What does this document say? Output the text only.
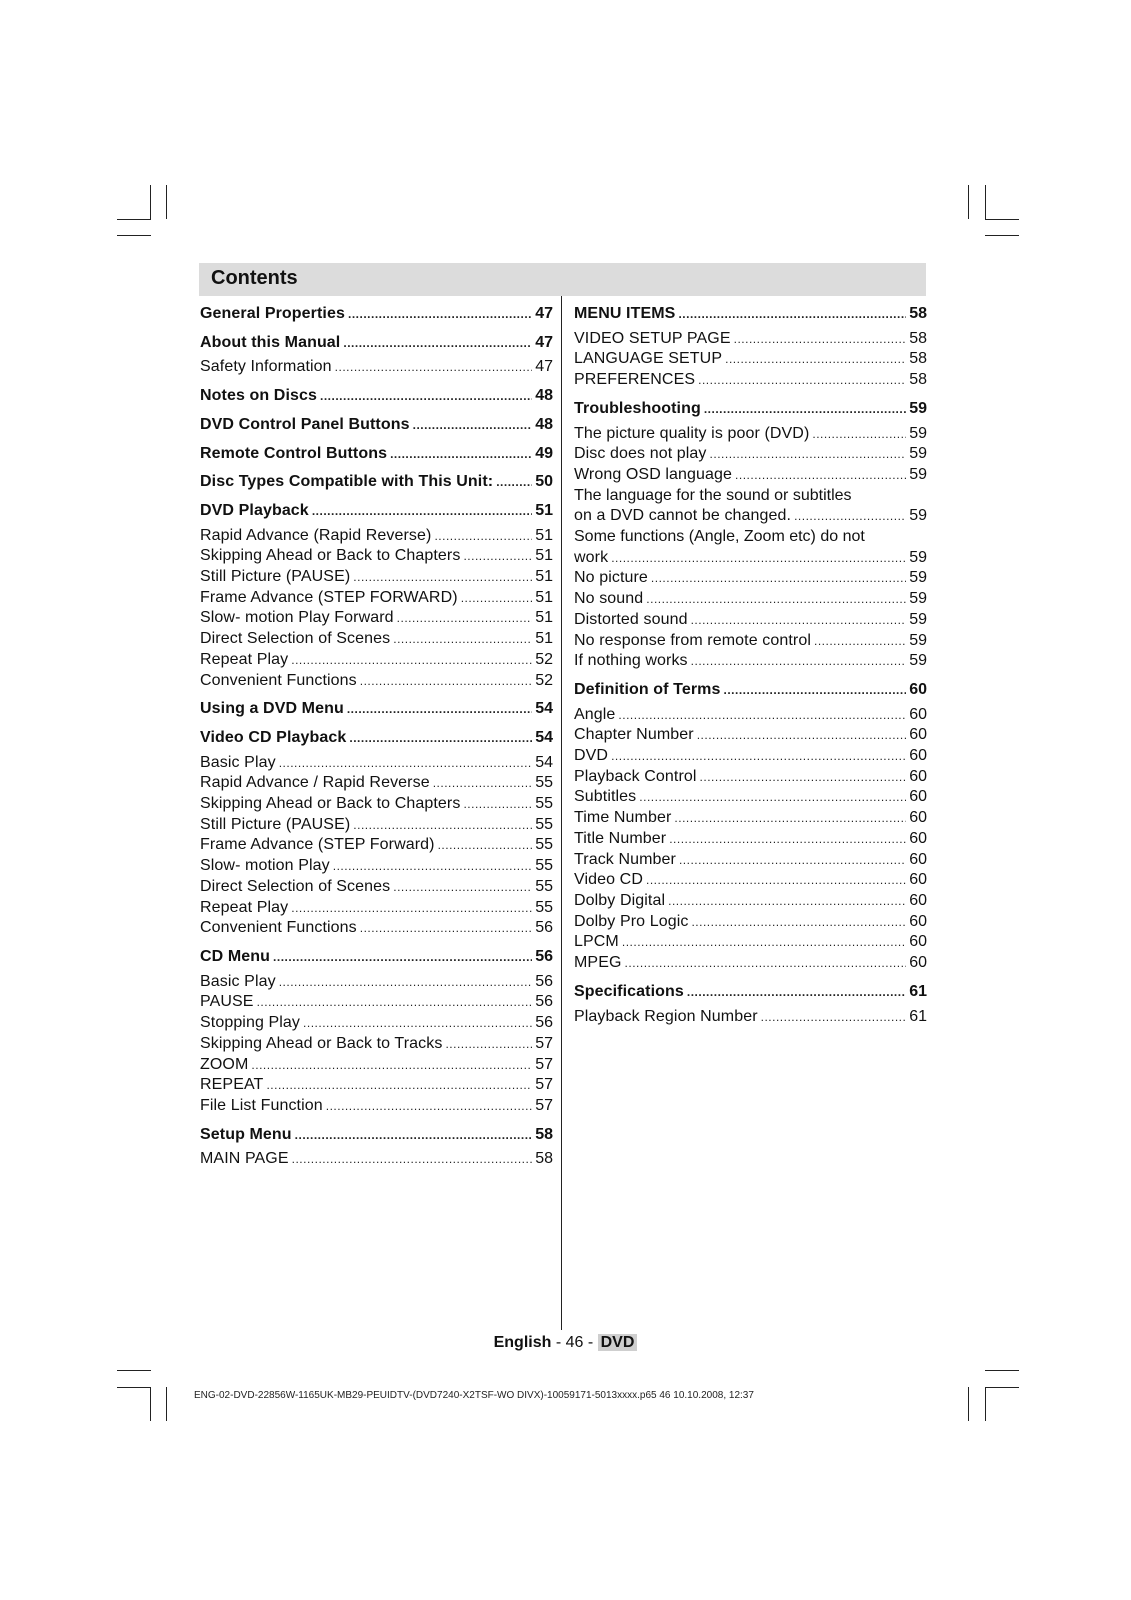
Contents
General Properties .....	47
About this Manual .....	47
Safety Information .....	47
Notes on Discs .....	48
DVD Control Panel Buttons .....	48
Remote Control Buttons .....	49
Disc Types Compatible with This Unit: .....	50
DVD Playback .....	51
Rapid Advance (Rapid Reverse) .....	51
Skipping Ahead or Back to Chapters .....	51
Still Picture (PAUSE) .....	51
Frame Advance (STEP FORWARD) .....	51
Slow- motion Play Forward .....	51
Direct Selection of Scenes .....	51
Repeat Play .....	52
Convenient Functions .....	52
Using a DVD Menu .....	54
Video CD Playback .....	54
Basic Play .....	54
Rapid Advance / Rapid Reverse .....	55
Skipping Ahead or Back to Chapters .....	55
Still Picture (PAUSE) .....	55
Frame Advance (STEP Forward) .....	55
Slow- motion Play .....	55
Direct Selection of Scenes .....	55
Repeat Play .....	55
Convenient Functions .....	56
CD Menu .....	56
Basic Play .....	56
PAUSE .....	56
Stopping Play .....	56
Skipping Ahead or Back to Tracks .....	57
ZOOM .....	57
REPEAT .....	57
File List Function .....	57
Setup Menu .....	58
MAIN PAGE .....	58
MENU ITEMS .....	58
VIDEO SETUP PAGE .....	58
LANGUAGE SETUP .....	58
PREFERENCES .....	58
Troubleshooting .....	59
The picture quality is poor (DVD) .....	59
Disc does not play .....	59
Wrong OSD language .....	59
The language for the sound or subtitles
on a DVD cannot be changed. .....	59
Some functions (Angle, Zoom etc) do not
work .....	59
No picture .....	59
No sound .....	59
Distorted sound .....	59
No response from remote control .....	59
If nothing works .....	59
Definition of Terms .....	60
Angle .....	60
Chapter Number .....	60
DVD .....	60
Playback Control .....	60
Subtitles .....	60
Time Number .....	60
Title Number .....	60
Track Number .....	60
Video CD .....	60
Dolby Digital .....	60
Dolby Pro Logic .....	60
LPCM .....	60
MPEG .....	60
Specifications .....	61
Playback Region Number .....	61
English - 46 - DVD
ENG-02-DVD-22856W-1165UK-MB29-PEUIDTV-(DVD7240-X2TSF-WO DIVX)-10059171-5013xxxx.p65 46 10.10.2008, 12:37
